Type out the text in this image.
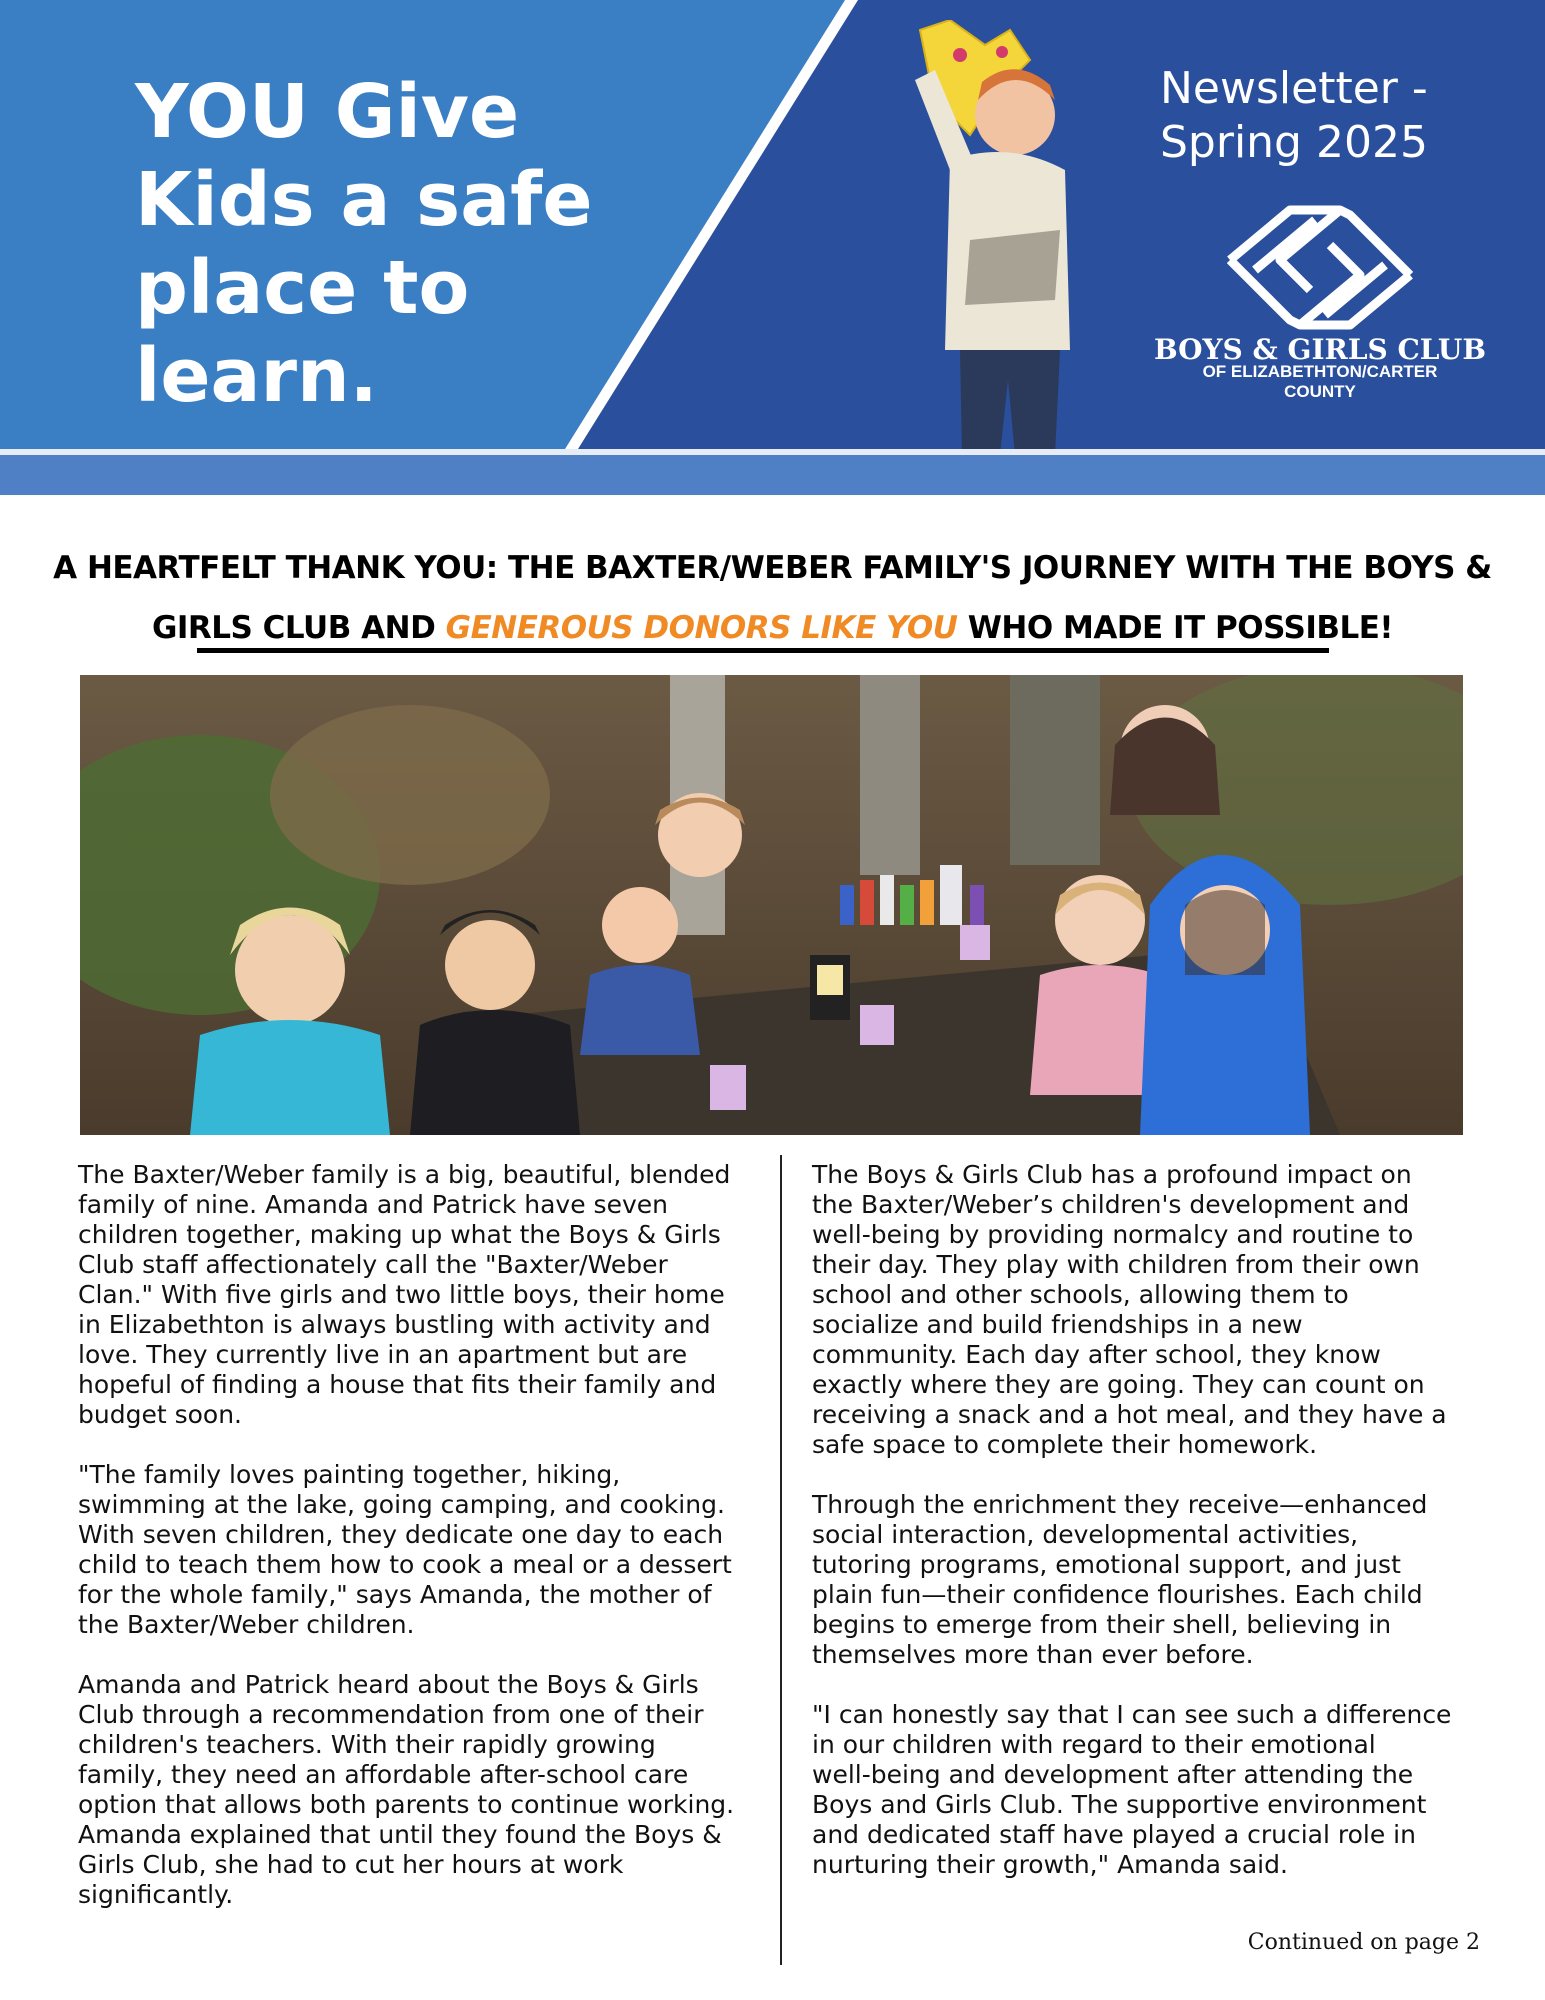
YOU Give
Kids a safe
place to
learn.
Newsletter -
Spring 2025
BOYS & GIRLS CLUB
OF ELIZABETHTON/CARTER
COUNTY
A HEARTFELT THANK YOU: THE BAXTER/WEBER FAMILY'S JOURNEY WITH THE BOYS & GIRLS CLUB AND GENEROUS DONORS LIKE YOU WHO MADE IT POSSIBLE!

The Baxter/Weber family is a big, beautiful, blended
family of nine. Amanda and Patrick have seven
children together, making up what the Boys & Girls
Club staff affectionately call the "Baxter/Weber
Clan." With five girls and two little boys, their home
in Elizabethton is always bustling with activity and
love. They currently live in an apartment but are
hopeful of finding a house that fits their family and
budget soon.

"The family loves painting together, hiking,
swimming at the lake, going camping, and cooking.
With seven children, they dedicate one day to each
child to teach them how to cook a meal or a dessert
for the whole family," says Amanda, the mother of
the Baxter/Weber children.

Amanda and Patrick heard about the Boys & Girls
Club through a recommendation from one of their
children's teachers. With their rapidly growing
family, they need an affordable after-school care
option that allows both parents to continue working.
Amanda explained that until they found the Boys &
Girls Club, she had to cut her hours at work
significantly.

The Boys & Girls Club has a profound impact on
the Baxter/Weber’s children's development and
well-being by providing normalcy and routine to
their day. They play with children from their own
school and other schools, allowing them to
socialize and build friendships in a new
community. Each day after school, they know
exactly where they are going. They can count on
receiving a snack and a hot meal, and they have a
safe space to complete their homework.

Through the enrichment they receive—enhanced
social interaction, developmental activities,
tutoring programs, emotional support, and just
plain fun—their confidence flourishes. Each child
begins to emerge from their shell, believing in
themselves more than ever before.

"I can honestly say that I can see such a difference
in our children with regard to their emotional
well-being and development after attending the
Boys and Girls Club. The supportive environment
and dedicated staff have played a crucial role in
nurturing their growth," Amanda said.

Continued on page 2
